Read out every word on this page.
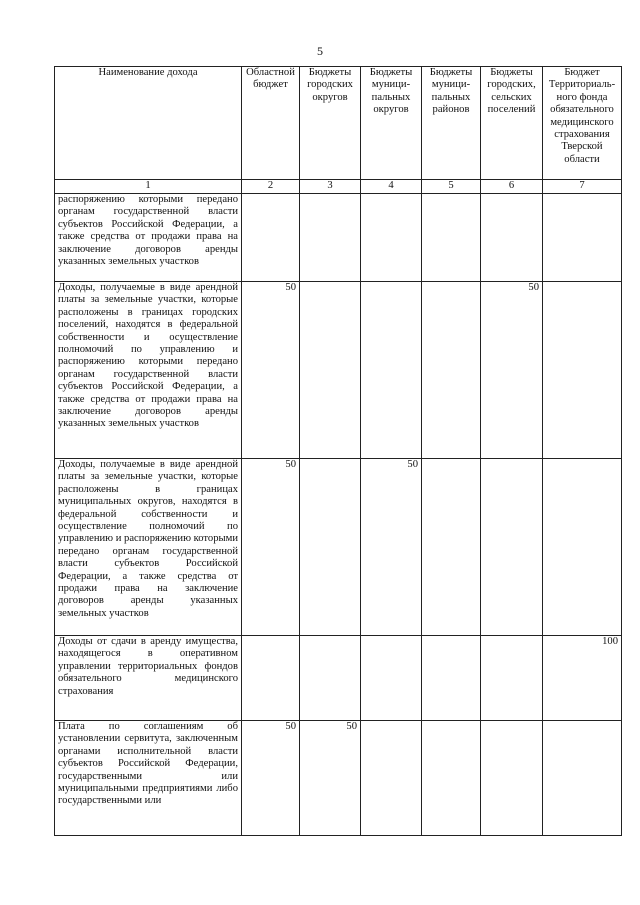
5
Наименование дохода	Областной бюджет	Бюджеты городских округов	Бюджеты муници-пальных округов	Бюджеты муници-пальных районов	Бюджеты городских, сельских поселений	Бюджет Территориаль-ного фонда обязательного медицинского страхования Тверской области
1	2	3	4	5	6	7
распоряжению которыми передано органам государственной власти субъектов Российской Федерации, а также средства от продажи права на заключение договоров аренды указанных земельных участков						
Доходы, получаемые в виде арендной платы за земельные участки, которые расположены в границах городских поселений, находятся в федеральной собственности и осуществление полномочий по управлению и распоряжению которыми передано органам государственной власти субъектов Российской Федерации, а также средства от продажи права на заключение договоров аренды указанных земельных участков	50				50	
Доходы, получаемые в виде арендной платы за земельные участки, которые расположены в границах муниципальных округов, находятся в федеральной собственности и осуществление полномочий по управлению и распоряжению которыми передано органам государственной власти субъектов Российской Федерации, а также средства от продажи права на заключение договоров аренды указанных земельных участков	50		50			
Доходы от сдачи в аренду имущества, находящегося в оперативном управлении территориальных фондов обязательного медицинского страхования						100
Плата по соглашениям об установлении сервитута, заключенным органами исполнительной власти субъектов Российской Федерации, государственными или муниципальными предприятиями либо государственными или	50	50				
